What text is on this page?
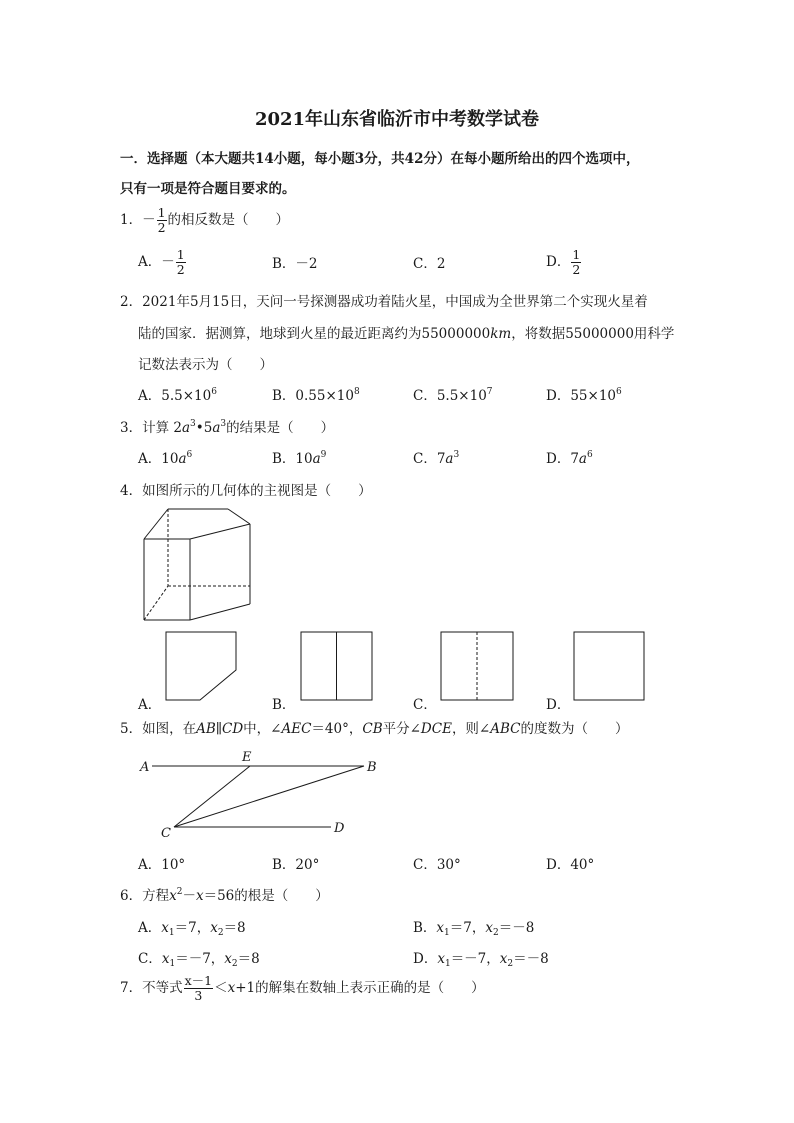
2021年山东省临沂市中考数学试卷
一．选择题（本大题共14小题，每小题3分，共42分）在每小题所给出的四个选项中，
只有一项是符合题目要求的。
1．－ $\frac{1}{2}$ 的相反数是（　　）
A．－ $\frac{1}{2}$	B．－2	C．2	D． $\frac{1}{2}$
2．2021年5月15日，天问一号探测器成功着陆火星，中国成为全世界第二个实现火星着
陆的国家．据测算，地球到火星的最近距离约为55000000km，将数据55000000用科学
记数法表示为（　　）
A．$5.5\times 10^6$	B．$0.55\times 10^8$	C．$5.5\times 10^7$	D．$55\times 10^6$
3．计算 $2a^3•5a^3$的结果是（　　）
A．$10a^6$	B．$10a^9$	C．$7a^3$	D．$7a^6$
4．如图所示的几何体的主视图是（　　）
A．	B．	C．	D．
5．如图，在AB∥CD中，∠AEC＝40°，CB平分∠DCE，则∠ABC的度数为（　　）
A
E
B
C	D
A．10°	B．20°	C．30°	D．40°
6．方程$x^2-x=56$的根是（　　）
A．$x_1=7$，$x_2=8$	B．$x_1=7$，$x_2=-8$
C．$x_1=-7$，$x_2=8$	D．$x_1=-7$，$x_2=-8$
7．不等式 $\frac{x-1}{3} <x+1$的解集在数轴上表示正确的是（　　）
